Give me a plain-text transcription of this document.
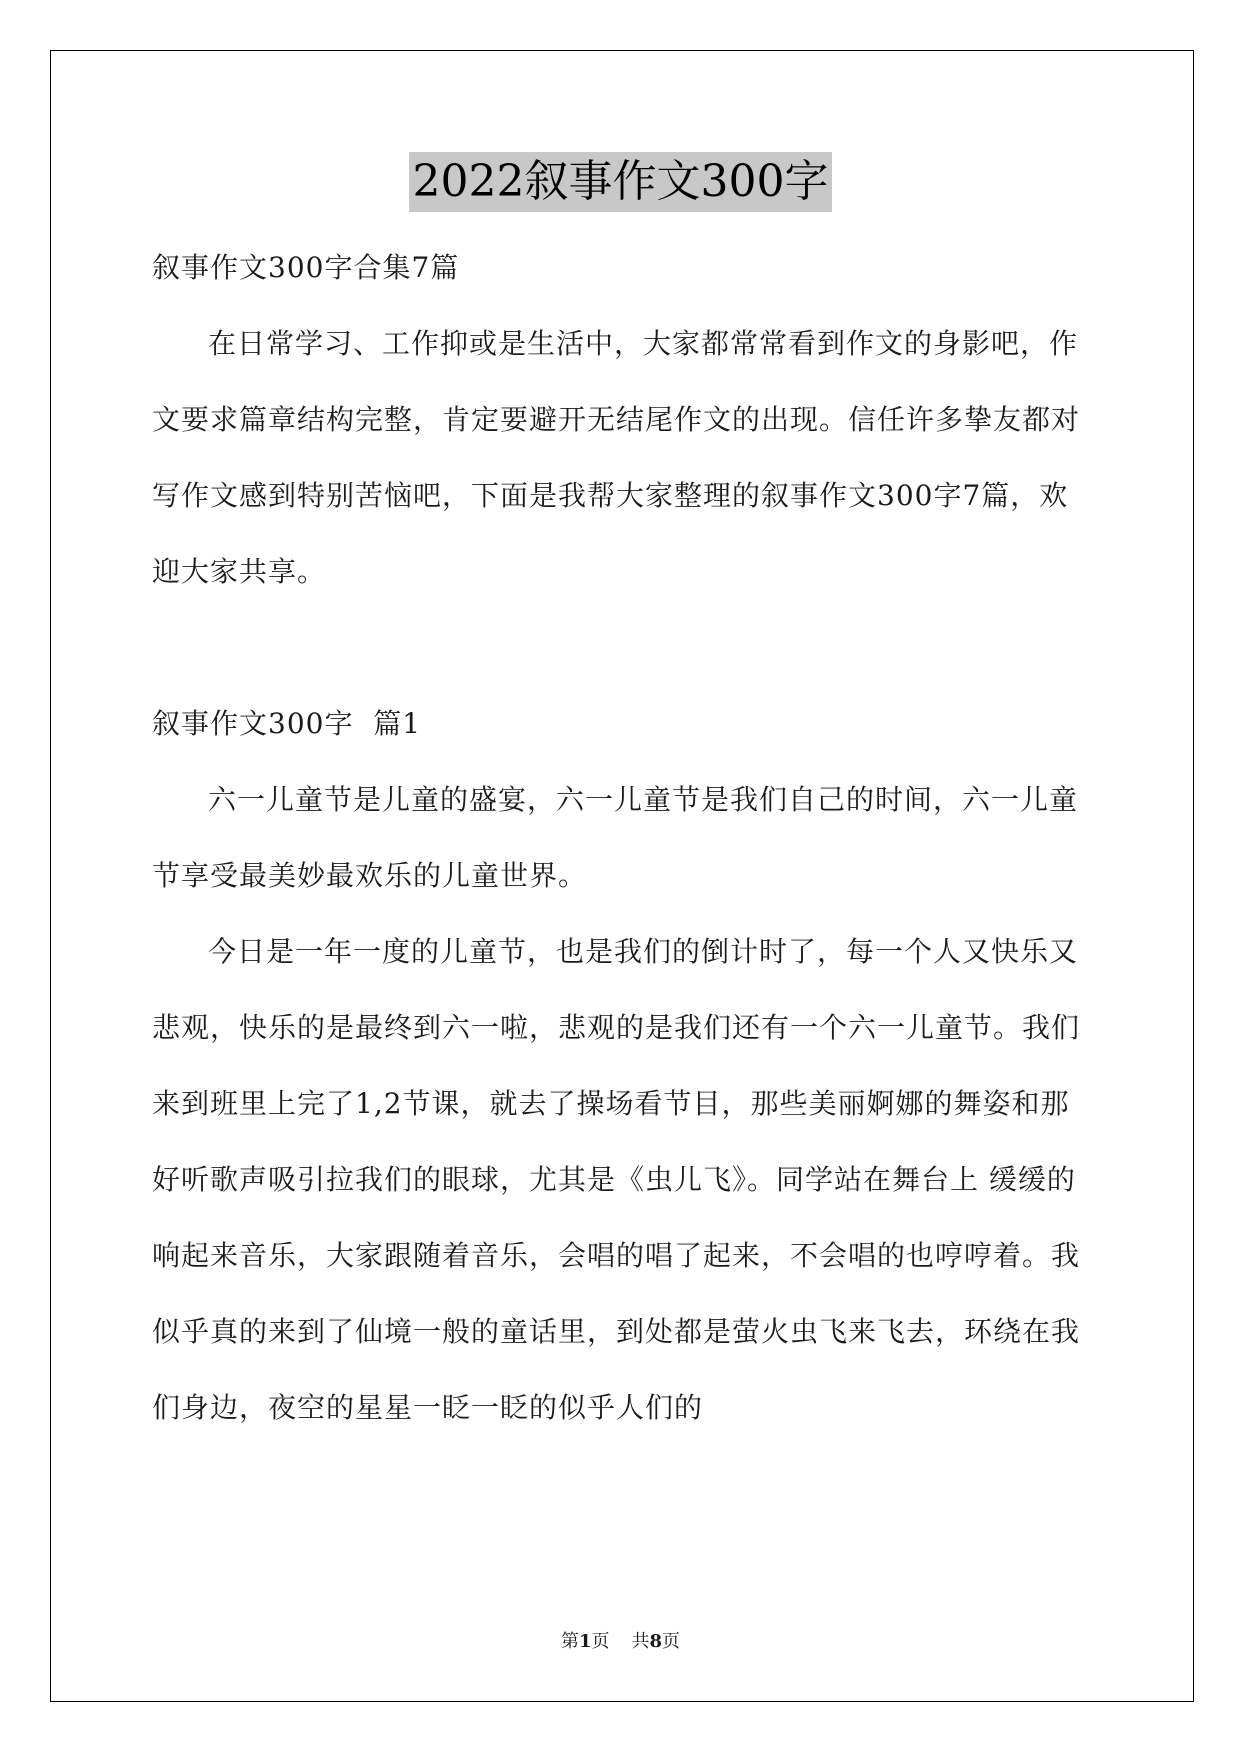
2022叙事作文300字

叙事作文300字合集7篇

在日常学习、工作抑或是生活中，大家都常常看到作文的身影吧，作文要求篇章结构完整，肯定要避开无结尾作文的出现。信任许多挚友都对写作文感到特别苦恼吧，下面是我帮大家整理的叙事作文300字7篇，欢迎大家共享。

叙事作文300字  篇1

六一儿童节是儿童的盛宴，六一儿童节是我们自己的时间，六一儿童节享受最美妙最欢乐的儿童世界。

今日是一年一度的儿童节，也是我们的倒计时了，每一个人又快乐又悲观，快乐的是最终到六一啦，悲观的是我们还有一个六一儿童节。我们来到班里上完了1,2节课，就去了操场看节目，那些美丽婀娜的舞姿和那好听歌声吸引拉我们的眼球，尤其是《虫儿飞》。同学站在舞台上 缓缓的响起来音乐，大家跟随着音乐，会唱的唱了起来，不会唱的也哼哼着。我似乎真的来到了仙境一般的童话里，到处都是萤火虫飞来飞去，环绕在我们身边，夜空的星星一眨一眨的似乎人们的

第1页 共8页
